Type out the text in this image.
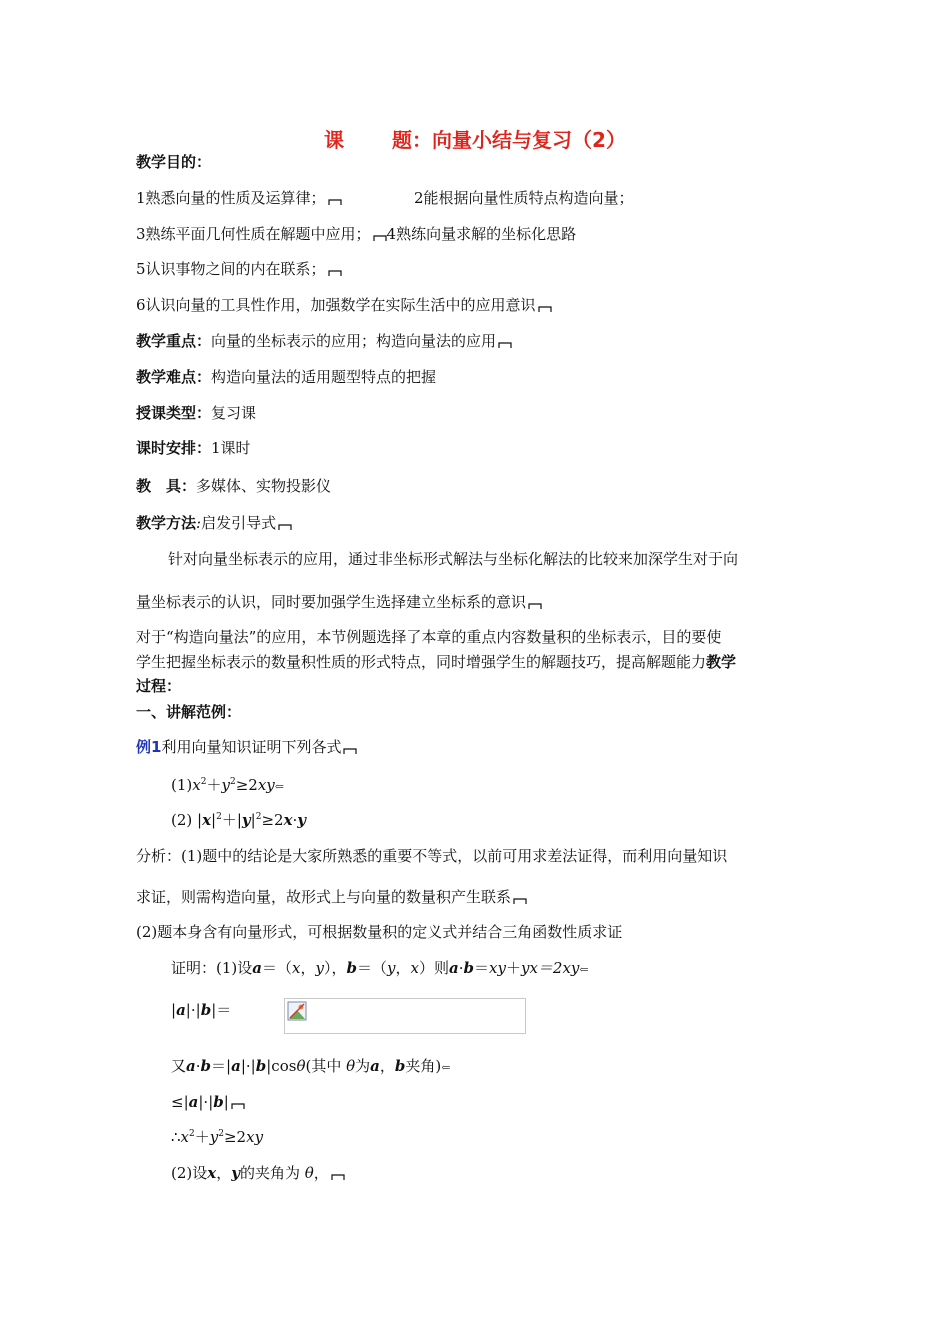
课 题：向量小结与复习（2）
教学目的：
1熟悉向量的性质及运算律；	2能根据向量性质特点构造向量；
3熟练平面几何性质在解题中应用； 4熟练向量求解的坐标化思路
5认识事物之间的内在联系；
6认识向量的工具性作用，加强数学在实际生活中的应用意识
教学重点：向量的坐标表示的应用；构造向量法的应用
教学难点：构造向量法的适用题型特点的把握
授课类型：复习课
课时安排：1课时
教　具：多媒体、实物投影仪
教学方法:启发引导式
针对向量坐标表示的应用，通过非坐标形式解法与坐标化解法的比较来加深学生对于向
量坐标表示的认识，同时要加强学生选择建立坐标系的意识
对于“构造向量法”的应用，本节例题选择了本章的重点内容数量积的坐标表示，目的要使
学生把握坐标表示的数量积性质的形式特点，同时增强学生的解题技巧，提高解题能力教学
过程：
一、讲解范例：
例1利用向量知识证明下列各式
$(1)x^2+y^2\ge 2xy⇐$
(2) $|x|^2+|y|^2\ge 2x\cdot y$
分析：(1)题中的结论是大家所熟悉的重要不等式，以前可用求差法证得，而利用向量知识
求证，则需构造向量，故形式上与向量的数量积产生联系
(2)题本身含有向量形式，可根据数量积的定义式并结合三角函数性质求证
证明：(1)设a＝（x，y），b＝（y，x）则a·b＝xy＋yx＝2xy⇐
|a|·|b|＝
又a·b＝|a|·|b|cosθ(其中 θ为a，b夹角)⇐
≤|a|·|b|
$\therefore x^2+y^2\ge 2xy$
(2)设x，y的夹角为 θ，
